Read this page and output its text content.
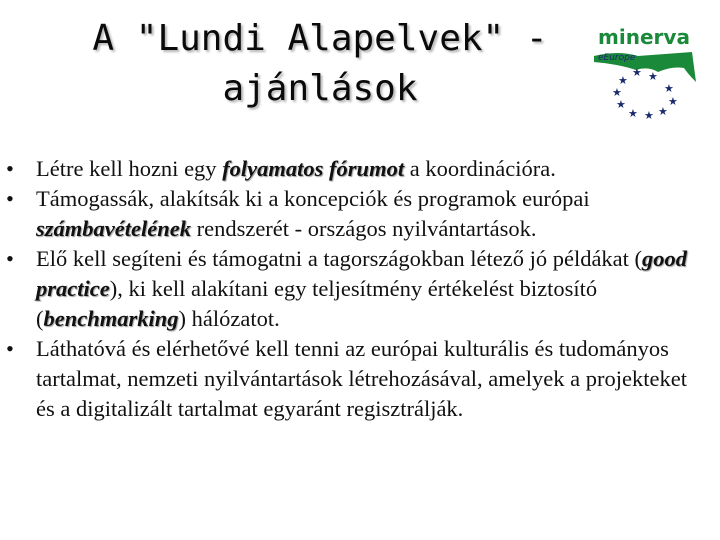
A "Lundi Alapelvek" -
ajánlások
minerva
eEurope
★
★
★
★
★
★ ★ ★
★
★
• Létre kell hozni egy folyamatos fórumot a koordinációra.
• Támogassák, alakítsák ki a koncepciók és programok európai számbavételének rendszerét - országos nyilvántartások.
• Elő kell segíteni és támogatni a tagországokban létező jó példákat (good practice), ki kell alakítani egy teljesítmény értékelést biztosító (benchmarking) hálózatot.
• Láthatóvá és elérhetővé kell tenni az európai kulturális és tudományos tartalmat, nemzeti nyilvántartások létrehozásával, amelyek a projekteket és a digitalizált tartalmat egyaránt regisztrálják.
